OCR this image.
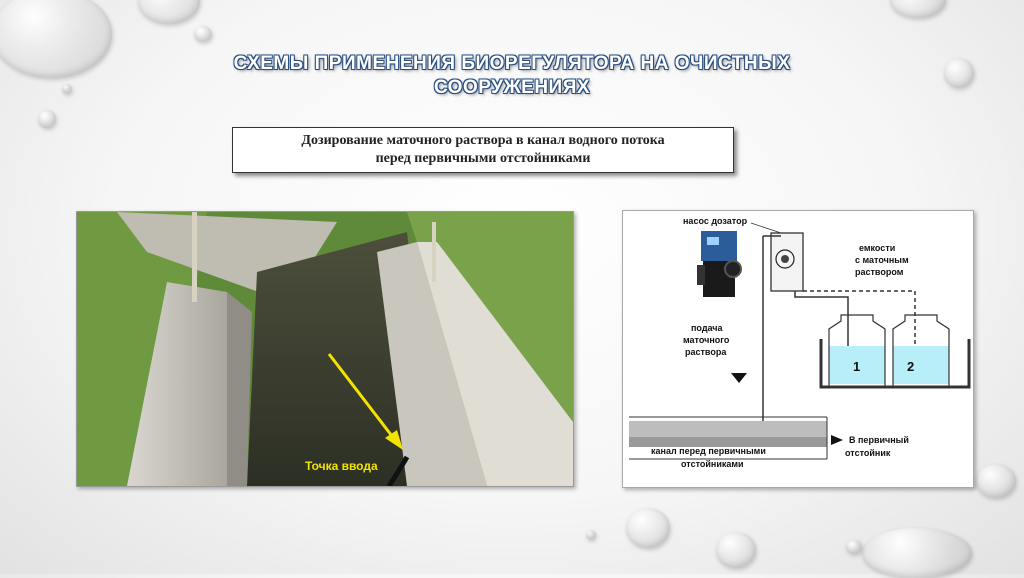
СХЕМЫ ПРИМЕНЕНИЯ БИОРЕГУЛЯТОРА НА ОЧИСТНЫХ
СООРУЖЕНИЯХ
Дозирование маточного раствора в канал водного потока
перед первичными отстойниками
Точка ввода
насос дозатор
емкости
с маточным
раствором
подача
маточного
раствора
1	2
канал перед первичными
отстойниками
В первичный
отстойник
